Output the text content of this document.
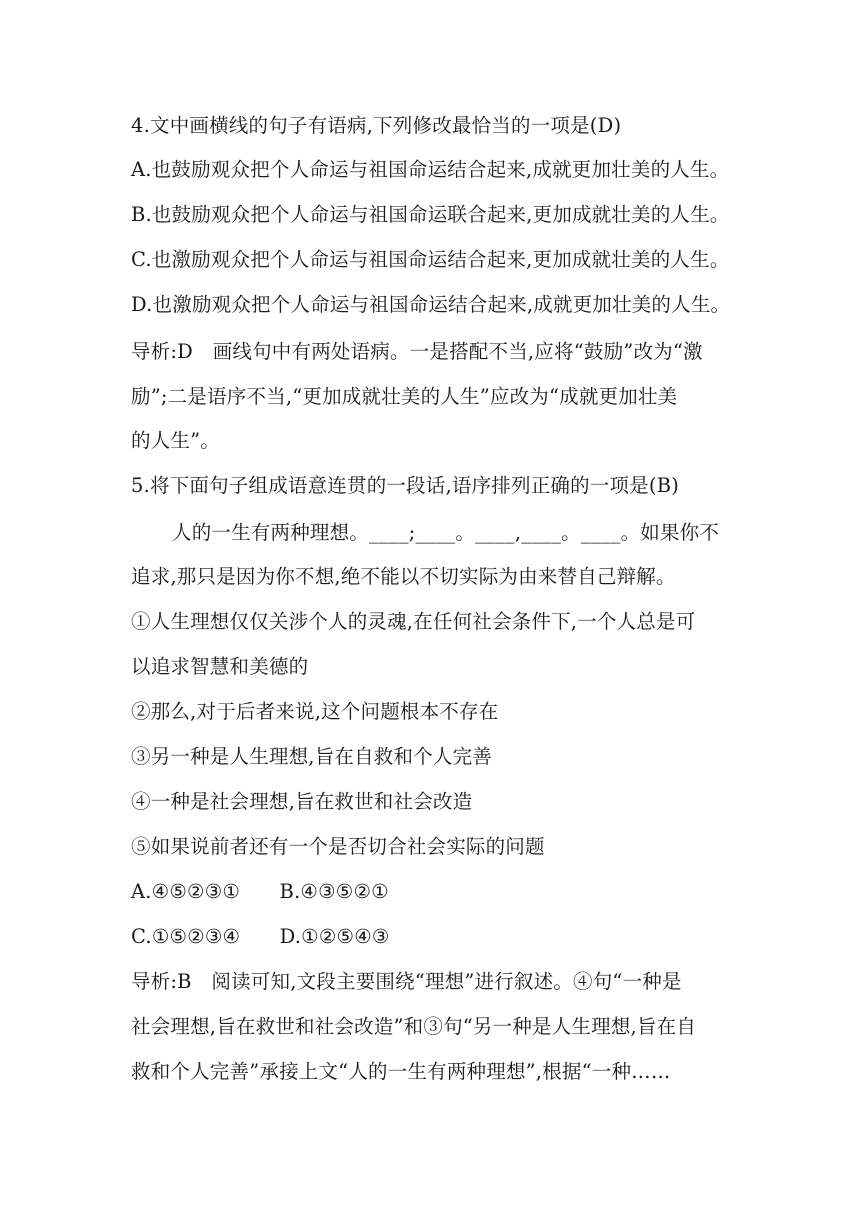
4.文中画横线的句子有语病,下列修改最恰当的一项是(D)
A.也鼓励观众把个人命运与祖国命运结合起来,成就更加壮美的人生。
B.也鼓励观众把个人命运与祖国命运联合起来,更加成就壮美的人生。
C.也激励观众把个人命运与祖国命运结合起来,更加成就壮美的人生。
D.也激励观众把个人命运与祖国命运结合起来,成就更加壮美的人生。
导析:D　画线句中有两处语病。一是搭配不当,应将“鼓励”改为“激
励”;二是语序不当,“更加成就壮美的人生”应改为“成就更加壮美
的人生”。
5.将下面句子组成语意连贯的一段话,语序排列正确的一项是(B)
人的一生有两种理想。____;____。____,____。____。如果你不
追求,那只是因为你不想,绝不能以不切实际为由来替自己辩解。
①人生理想仅仅关涉个人的灵魂,在任何社会条件下,一个人总是可
以追求智慧和美德的
②那么,对于后者来说,这个问题根本不存在
③另一种是人生理想,旨在自救和个人完善
④一种是社会理想,旨在救世和社会改造
⑤如果说前者还有一个是否切合社会实际的问题
A.④⑤②③①　　B.④③⑤②①
C.①⑤②③④　　D.①②⑤④③
导析:B　阅读可知,文段主要围绕“理想”进行叙述。④句“一种是
社会理想,旨在救世和社会改造”和③句“另一种是人生理想,旨在自
救和个人完善”承接上文“人的一生有两种理想”,根据“一种……
